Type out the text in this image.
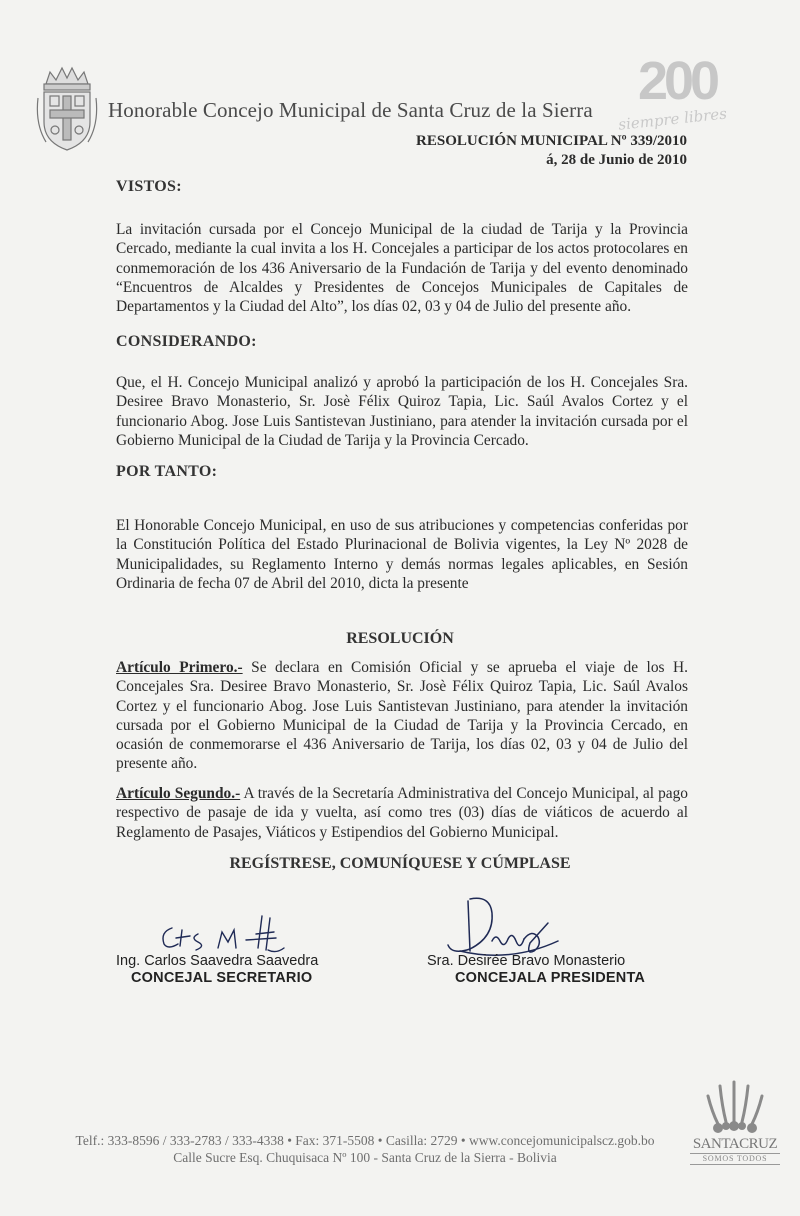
Honorable Concejo Municipal de Santa Cruz de la Sierra 200
siempre libres
RESOLUCIÓN MUNICIPAL Nº 339/2010
á, 28 de Junio de 2010
VISTOS:
La invitación cursada por el Concejo Municipal de la ciudad de Tarija y la Provincia Cercado, mediante la cual invita a los H. Concejales a participar de los actos protocolares en conmemoración de los 436 Aniversario de la Fundación de Tarija y del evento denominado “Encuentros de Alcaldes y Presidentes de Concejos Municipales de Capitales de Departamentos y la Ciudad del Alto”, los días 02, 03 y 04 de Julio del presente año.
CONSIDERANDO:
Que, el H. Concejo Municipal analizó y aprobó la participación de los H. Concejales Sra. Desiree Bravo Monasterio, Sr. Josè Félix Quiroz Tapia, Lic. Saúl Avalos Cortez y el funcionario Abog. Jose Luis Santistevan Justiniano, para atender la invitación cursada por el Gobierno Municipal de la Ciudad de Tarija y la Provincia Cercado.
POR TANTO:
El Honorable Concejo Municipal, en uso de sus atribuciones y competencias conferidas por la Constitución Política del Estado Plurinacional de Bolivia vigentes, la Ley Nº 2028 de Municipalidades, su Reglamento Interno y demás normas legales aplicables, en Sesión Ordinaria de fecha 07 de Abril del 2010, dicta la presente
RESOLUCIÓN
Artículo Primero.- Se declara en Comisión Oficial y se aprueba el viaje de los H. Concejales Sra. Desiree Bravo Monasterio, Sr. Josè Félix Quiroz Tapia, Lic. Saúl Avalos Cortez y el funcionario Abog. Jose Luis Santistevan Justiniano, para atender la invitación cursada por el Gobierno Municipal de la Ciudad de Tarija y la Provincia Cercado, en ocasión de conmemorarse el 436 Aniversario de Tarija, los días 02, 03 y 04 de Julio del presente año.
Artículo Segundo.- A través de la Secretaría Administrativa del Concejo Municipal, al pago respectivo de pasaje de ida y vuelta, así como tres (03) días de viáticos de acuerdo al Reglamento de Pasajes, Viáticos y Estipendios del Gobierno Municipal.
REGÍSTRESE, COMUNÍQUESE Y CÚMPLASE
Ing. Carlos Saavedra Saavedra
CONCEJAL SECRETARIO
Sra. Desirée Bravo Monasterio
CONCEJALA PRESIDENTA
Telf.: 333-8596 / 333-2783 / 333-4338 • Fax: 371-5508 • Casilla: 2729 • www.concejomunicipalscz.gob.bo
Calle Sucre Esq. Chuquisaca Nº 100 - Santa Cruz de la Sierra - Bolivia
SANTACRUZ
SOMOS TODOS
